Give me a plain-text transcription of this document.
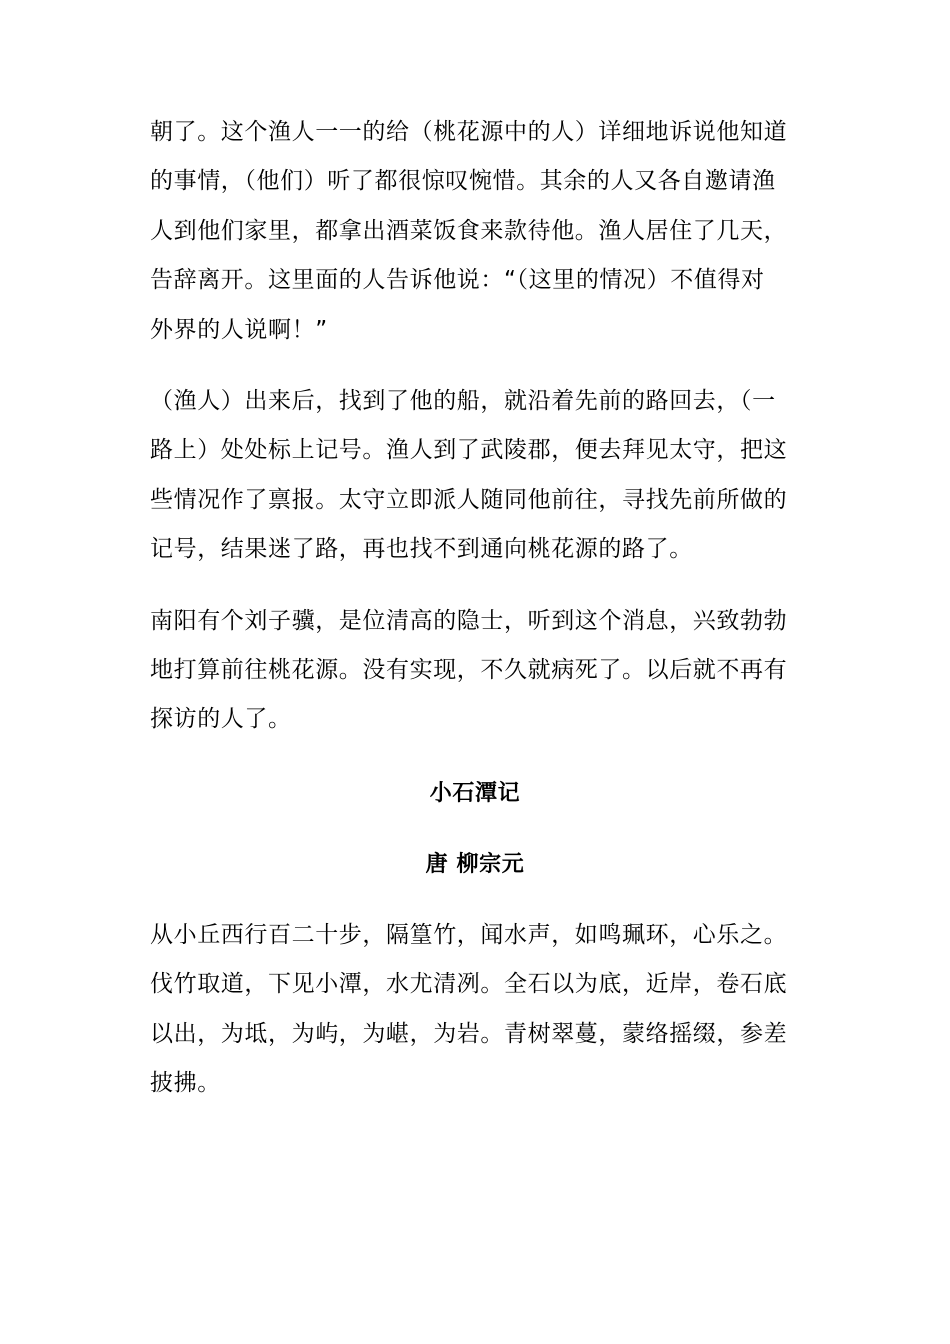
朝了。这个渔人一一的给（桃花源中的人）详细地诉说他知道
的事情，（他们）听了都很惊叹惋惜。其余的人又各自邀请渔
人到他们家里，都拿出酒菜饭食来款待他。渔人居住了几天，
告辞离开。这里面的人告诉他说：“（这里的情况）不值得对
外界的人说啊！”

（渔人）出来后，找到了他的船，就沿着先前的路回去，（一
路上）处处标上记号。渔人到了武陵郡，便去拜见太守，把这
些情况作了禀报。太守立即派人随同他前往，寻找先前所做的
记号，结果迷了路，再也找不到通向桃花源的路了。

南阳有个刘子骥，是位清高的隐士，听到这个消息，兴致勃勃
地打算前往桃花源。没有实现，不久就病死了。以后就不再有
探访的人了。

小石潭记

唐 柳宗元

从小丘西行百二十步，隔篁竹，闻水声，如鸣珮环，心乐之。
伐竹取道，下见小潭，水尤清冽。全石以为底，近岸，卷石底
以出，为坻，为屿，为嵁，为岩。青树翠蔓，蒙络摇缀，参差
披拂。
